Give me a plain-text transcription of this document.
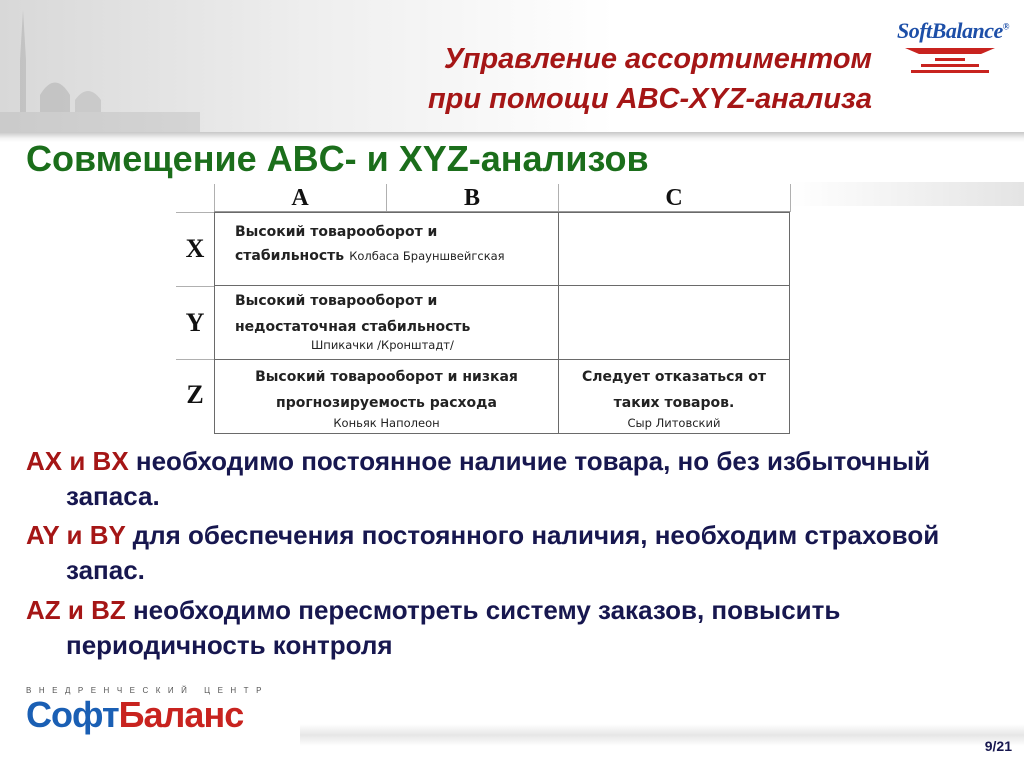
Управление ассортиментом
при помощи ABC-XYZ-анализа
SoftBalance®
Совмещение ABC- и XYZ-анализов
A	B	C
X
Y
Z
Высокий товарооборот и
стабильность Колбаса Брауншвейгская
Высокий товарооборот и
недостаточная стабильность
Шпикачки /Кронштадт/
Высокий товарооборот и низкая
прогнозируемость расхода
Коньяк Наполеон
Следует отказаться от
таких товаров.
Сыр Литовский
AX и BX необходимо постоянное наличие товара, но без избыточный запаса.
AY и BY для обеспечения постоянного наличия, необходим страховой запас.
AZ и BZ необходимо пересмотреть систему заказов, повысить периодичность контроля
ВНЕДРЕНЧЕСКИЙ ЦЕНТР
СофтБаланс
9/21
